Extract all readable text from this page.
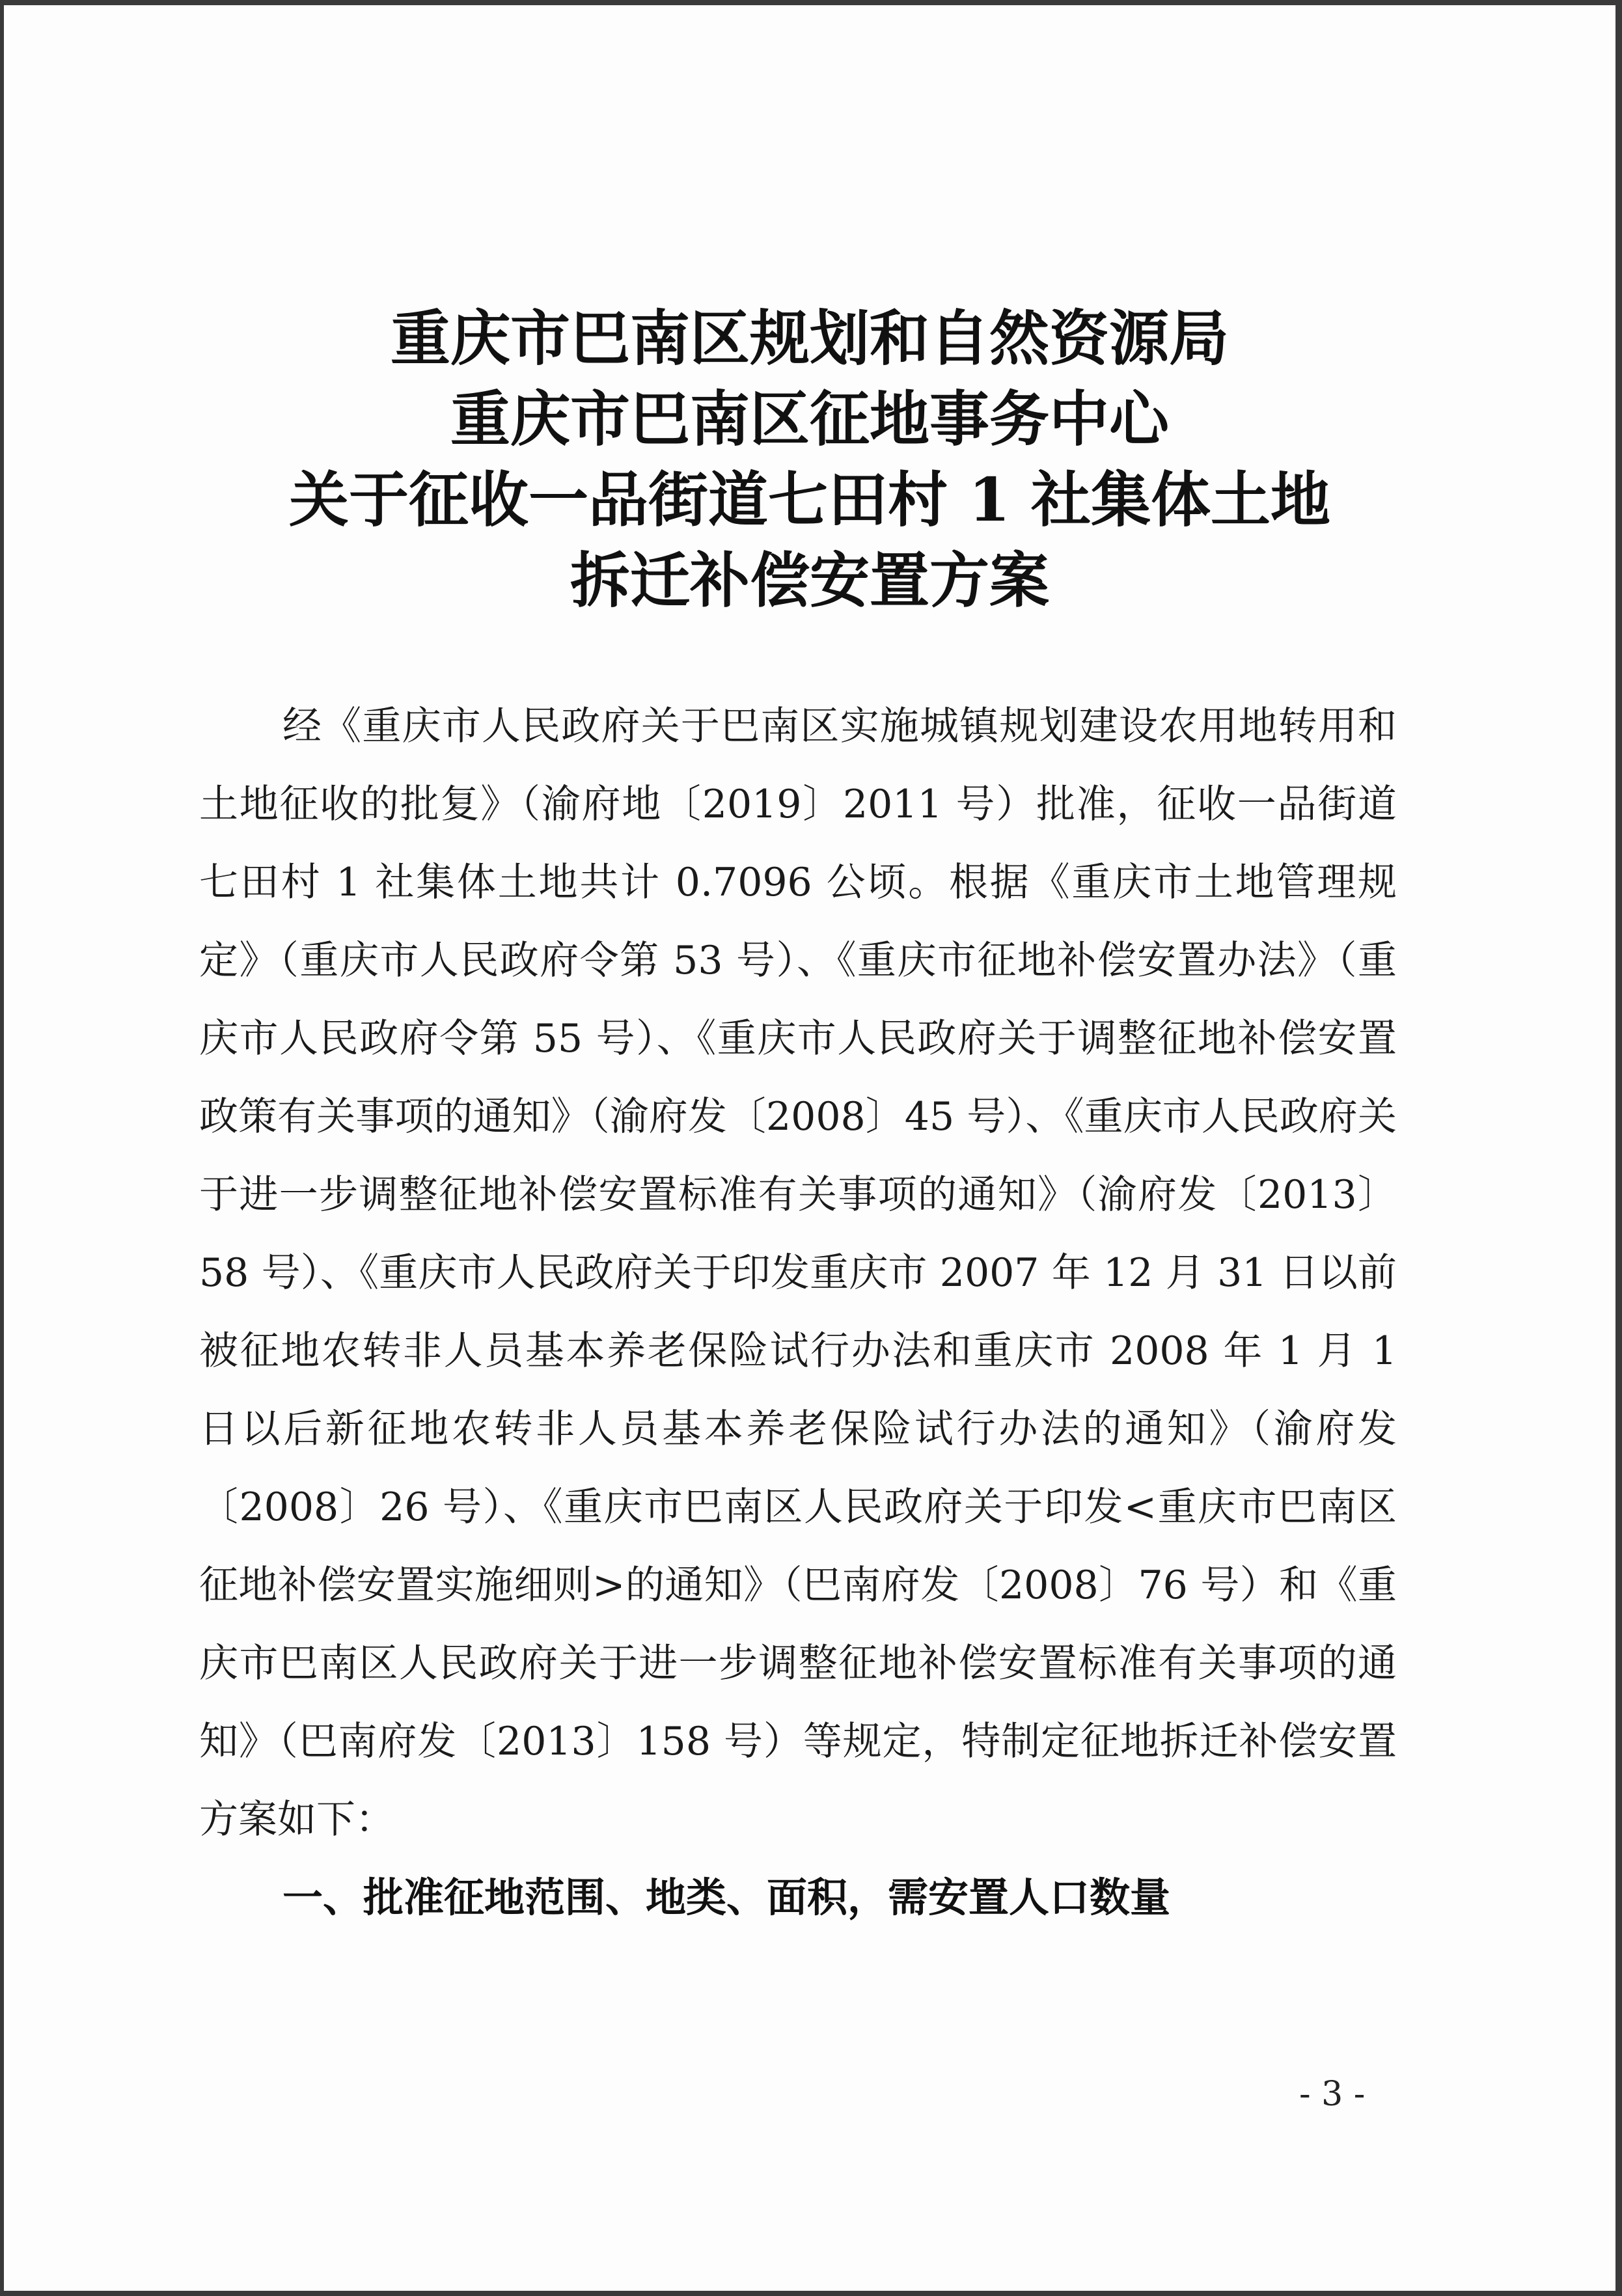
重庆市巴南区规划和自然资源局

重庆市巴南区征地事务中心

关于征收一品街道七田村 1 社集体土地

拆迁补偿安置方案

经《重庆市人民政府关于巴南区实施城镇规划建设农用地转用和土地征收的批复》（渝府地〔2019〕2011 号）批准，征收一品街道七田村 1 社集体土地共计 0.7096 公顷。根据《重庆市土地管理规定》（重庆市人民政府令第 53 号）、《重庆市征地补偿安置办法》（重庆市人民政府令第 55 号）、《重庆市人民政府关于调整征地补偿安置政策有关事项的通知》（渝府发〔2008〕45 号）、《重庆市人民政府关于进一步调整征地补偿安置标准有关事项的通知》（渝府发〔2013〕58 号）、《重庆市人民政府关于印发重庆市 2007 年 12 月 31 日以前被征地农转非人员基本养老保险试行办法和重庆市 2008 年 1 月 1 日以后新征地农转非人员基本养老保险试行办法的通知》（渝府发〔2008〕26 号）、《重庆市巴南区人民政府关于印发<重庆市巴南区征地补偿安置实施细则>的通知》（巴南府发〔2008〕76 号）和《重庆市巴南区人民政府关于进一步调整征地补偿安置标准有关事项的通知》（巴南府发〔2013〕158 号）等规定，特制定征地拆迁补偿安置方案如下：

一、批准征地范围、地类、面积，需安置人口数量

- 3 -
